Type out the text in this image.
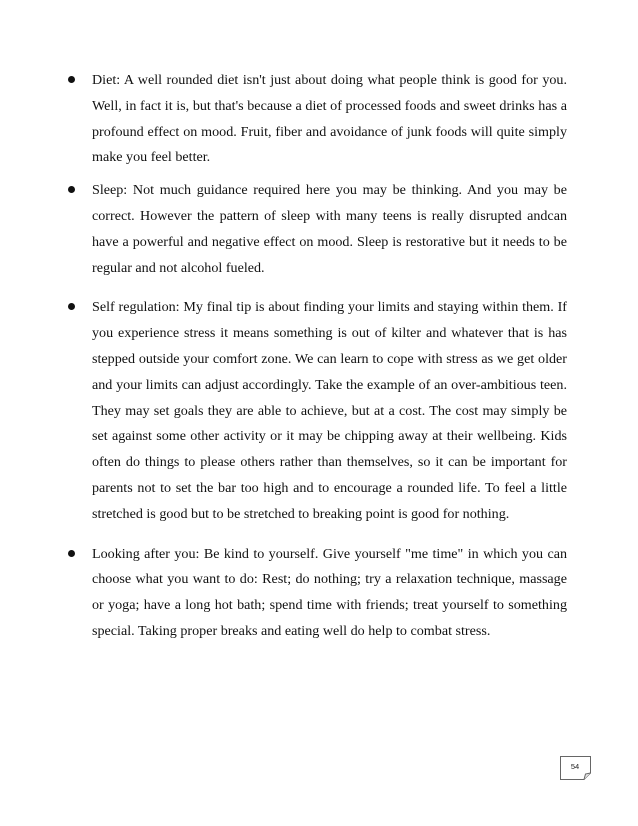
Diet: A well rounded diet isn't just about doing what people think is good for you. Well, in fact it is, but that's because a diet of processed foods and sweet drinks has a profound effect on mood. Fruit, fiber and avoidance of junk foods will quite simply make you feel better.
Sleep: Not much guidance required here you may be thinking. And you may be correct. However the pattern of sleep with many teens is really disrupted andcan have a powerful and negative effect on mood. Sleep is restorative but it needs to be regular and not alcohol fueled.
Self regulation: My final tip is about finding your limits and staying within them. If you experience stress it means something is out of kilter and whatever that is has stepped outside your comfort zone. We can learn to cope with stress as we get older and your limits can adjust accordingly. Take the example of an over-ambitious teen. They may set goals they are able to achieve, but at a cost. The cost may simply be set against some other activity or it may be chipping away at their wellbeing. Kids often do things to please others rather than themselves, so it can be important for parents not to set the bar too high and to encourage a rounded life. To feel a little stretched is good but to be stretched to breaking point is good for nothing.
Looking after you: Be kind to yourself. Give yourself "me time" in which you can choose what you want to do: Rest; do nothing; try a relaxation technique, massage or yoga; have a long hot bath; spend time with friends; treat yourself to something special. Taking proper breaks and eating well do help to combat stress.
54
